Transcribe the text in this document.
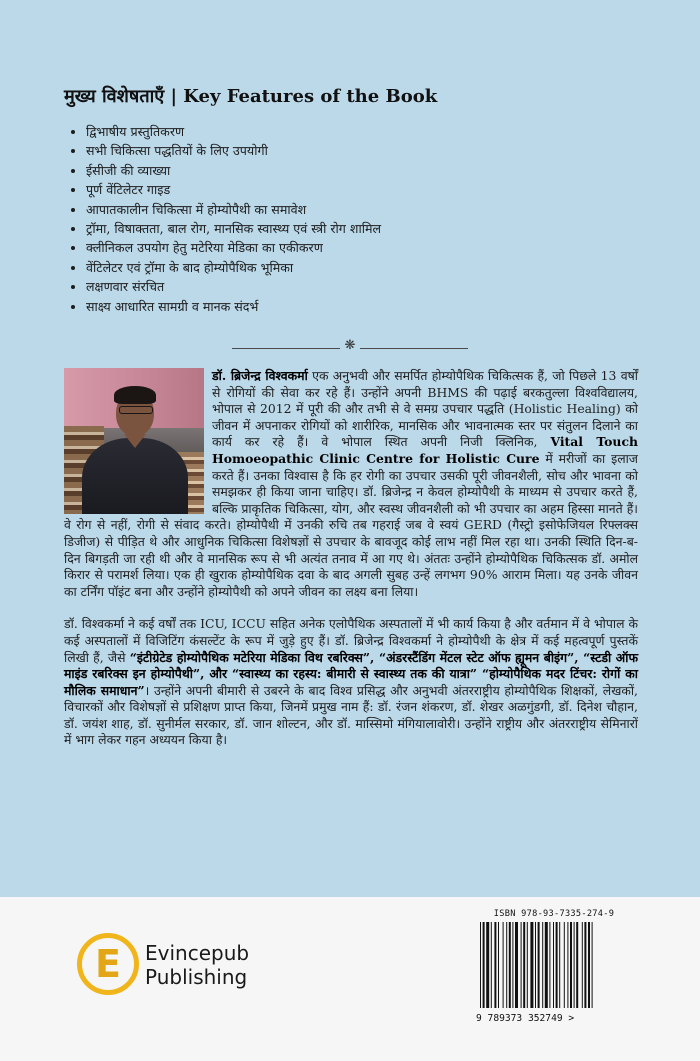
मुख्य विशेषताएँ | Key Features of the Book
• द्विभाषीय प्रस्तुतिकरण
• सभी चिकित्सा पद्धतियों के लिए उपयोगी
• ईसीजी की व्याख्या
• पूर्ण वेंटिलेटर गाइड
• आपातकालीन चिकित्सा में होम्योपैथी का समावेश
• ट्रॉमा, विषाक्तता, बाल रोग, मानसिक स्वास्थ्य एवं स्त्री रोग शामिल
• क्लीनिकल उपयोग हेतु मटेरिया मेडिका का एकीकरण
• वेंटिलेटर एवं ट्रॉमा के बाद होम्योपैथिक भूमिका
• लक्षणवार संरचित
• साक्ष्य आधारित सामग्री व मानक संदर्भ
❋

डॉ. ब्रिजेन्द्र विश्वकर्मा एक अनुभवी और समर्पित होम्योपैथिक चिकित्सक हैं, जो पिछले 13 वर्षों से रोगियों की सेवा कर रहे हैं। उन्होंने अपनी BHMS की पढ़ाई बरकतुल्ला विश्वविद्यालय, भोपाल से 2012 में पूरी की और तभी से वे समग्र उपचार पद्धति (Holistic Healing) को जीवन में अपनाकर रोगियों को शारीरिक, मानसिक और भावनात्मक स्तर पर संतुलन दिलाने का कार्य कर रहे हैं। वे भोपाल स्थित अपनी निजी क्लिनिक, Vital Touch Homoeopathic Clinic Centre for Holistic Cure में मरीजों का इलाज करते हैं। उनका विश्वास है कि हर रोगी का उपचार उसकी पूरी जीवनशैली, सोच और भावना को समझकर ही किया जाना चाहिए। डॉ. ब्रिजेन्द्र न केवल होम्योपैथी के माध्यम से उपचार करते हैं, बल्कि प्राकृतिक चिकित्सा, योग, और स्वस्थ जीवनशैली को भी उपचार का अहम हिस्सा मानते हैं। वे रोग से नहीं, रोगी से संवाद करते। होम्योपैथी में उनकी रुचि तब गहराई जब वे स्वयं GERD (गैस्ट्रो इसोफेजियल रिफ्लक्स डिजीज) से पीड़ित थे और आधुनिक चिकित्सा विशेषज्ञों से उपचार के बावजूद कोई लाभ नहीं मिल रहा था। उनकी स्थिति दिन-ब-दिन बिगड़ती जा रही थी और वे मानसिक रूप से भी अत्यंत तनाव में आ गए थे। अंततः उन्होंने होम्योपैथिक चिकित्सक डॉ. अमोल किरार से परामर्श लिया। एक ही खुराक होम्योपैथिक दवा के बाद अगली सुबह उन्हें लगभग 90% आराम मिला। यह उनके जीवन का टर्निंग पॉइंट बना और उन्होंने होम्योपैथी को अपने जीवन का लक्ष्य बना लिया।

डॉ. विश्वकर्मा ने कई वर्षों तक ICU, ICCU सहित अनेक एलोपैथिक अस्पतालों में भी कार्य किया है और वर्तमान में वे भोपाल के कई अस्पतालों में विजिटिंग कंसल्टेंट के रूप में जुड़े हुए हैं। डॉ. ब्रिजेन्द्र विश्वकर्मा ने होम्योपैथी के क्षेत्र में कई महत्वपूर्ण पुस्तकें लिखी हैं, जैसे “इंटीग्रेटेड होम्योपैथिक मटेरिया मेडिका विथ रबरिक्स”, “अंडरस्टैंडिंग मेंटल स्टेट ऑफ ह्यूमन बीइंग”, “स्टडी ऑफ माइंड रबरिक्स इन होम्योपैथी”, और “स्वास्थ्य का रहस्य: बीमारी से स्वास्थ्य तक की यात्रा” “होम्योपैथिक मदर टिंचर: रोगों का मौलिक समाधान”। उन्होंने अपनी बीमारी से उबरने के बाद विश्व प्रसिद्ध और अनुभवी अंतरराष्ट्रीय होम्योपैथिक शिक्षकों, लेखकों, विचारकों और विशेषज्ञों से प्रशिक्षण प्राप्त किया, जिनमें प्रमुख नाम हैं: डॉ. रंजन शंकरण, डॉ. शेखर अळगुंडगी, डॉ. दिनेश चौहान, डॉ. जयंश शाह, डॉ. सुनीर्मल सरकार, डॉ. जान शोल्टन, और डॉ. मास्सिमो मंगियालावोरी। उन्होंने राष्ट्रीय और अंतरराष्ट्रीय सेमिनारों में भाग लेकर गहन अध्ययन किया है।

E	Evincepub
Publishing
ISBN 978-93-7335-274-9
9 789373 352749 >
